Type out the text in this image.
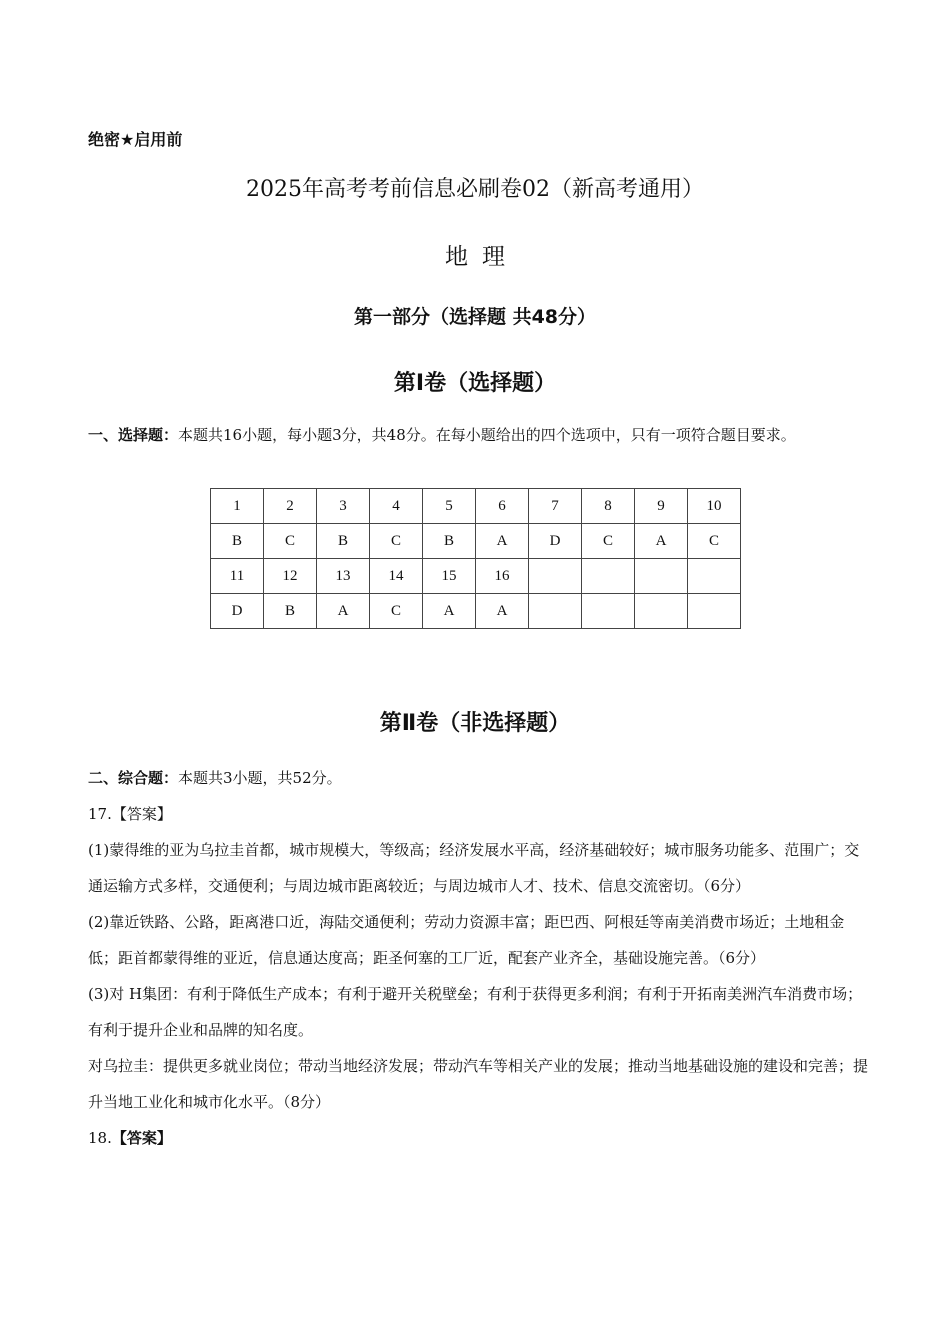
绝密★启用前
2025年高考考前信息必刷卷02（新高考通用）
地理
第一部分（选择题 共48分）
第Ⅰ卷（选择题）
一、选择题：本题共16小题，每小题3分，共48分。在每小题给出的四个选项中，只有一项符合题目要求。
1	2	3	4	5	6	7	8	9	10
B	C	B	C	B	A	D	C	A	C
11	12	13	14	15	16				
D	B	A	C	A	A				
第Ⅱ卷（非选择题）

二、综合题：本题共3小题，共52分。

17.【答案】

(1)蒙得维的亚为乌拉圭首都，城市规模大，等级高；经济发展水平高，经济基础较好；城市服务功能多、范围广；交通运输方式多样，交通便利；与周边城市距离较近；与周边城市人才、技术、信息交流密切。（6分）

(2)靠近铁路、公路，距离港口近，海陆交通便利；劳动力资源丰富；距巴西、阿根廷等南美消费市场近；土地租金低；距首都蒙得维的亚近，信息通达度高；距圣何塞的工厂近，配套产业齐全，基础设施完善。（6分）

(3)对 H集团：有利于降低生产成本；有利于避开关税壁垒；有利于获得更多利润；有利于开拓南美洲汽车消费市场；有利于提升企业和品牌的知名度。

对乌拉圭：提供更多就业岗位；带动当地经济发展；带动汽车等相关产业的发展；推动当地基础设施的建设和完善；提升当地工业化和城市化水平。（8分）

18.【答案】
